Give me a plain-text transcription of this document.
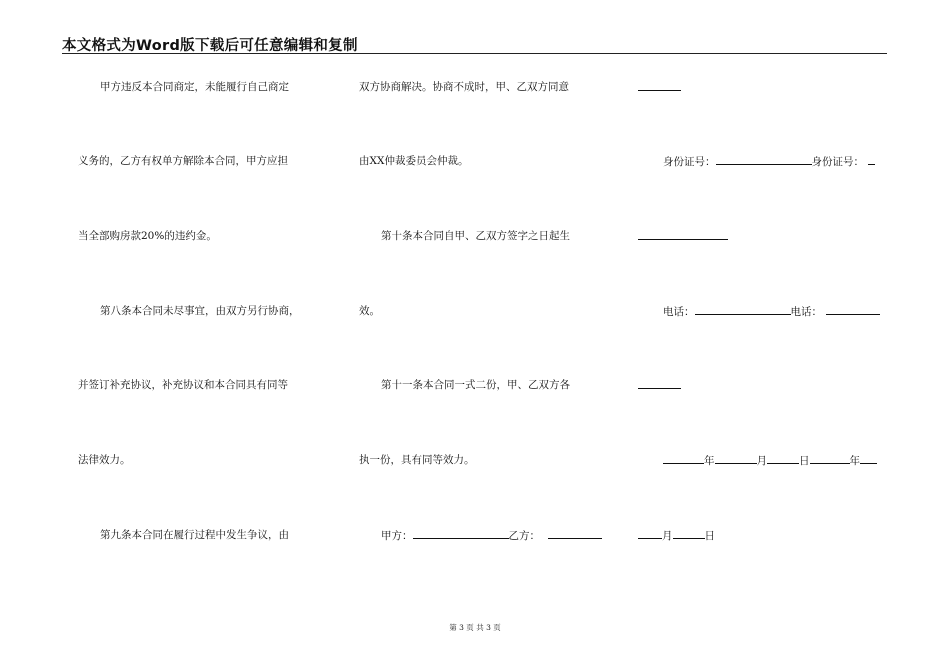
本文格式为Word版下载后可任意编辑和复制
甲方违反本合同商定，未能履行自己商定
义务的，乙方有权单方解除本合同，甲方应担
当全部购房款20%的违约金。
第八条本合同未尽事宜，由双方另行协商，
并签订补充协议，补充协议和本合同具有同等
法律效力。
第九条本合同在履行过程中发生争议，由
双方协商解决。协商不成时，甲、乙双方同意
由XX仲裁委员会仲裁。
第十条本合同自甲、乙双方签字之日起生
效。
第十一条本合同一式二份，甲、乙双方各
执一份，具有同等效力。
甲方：	乙方：
身份证号：	身份证号：
电话：	电话：
年	月	日	年
月	日
第 3 页 共 3 页
